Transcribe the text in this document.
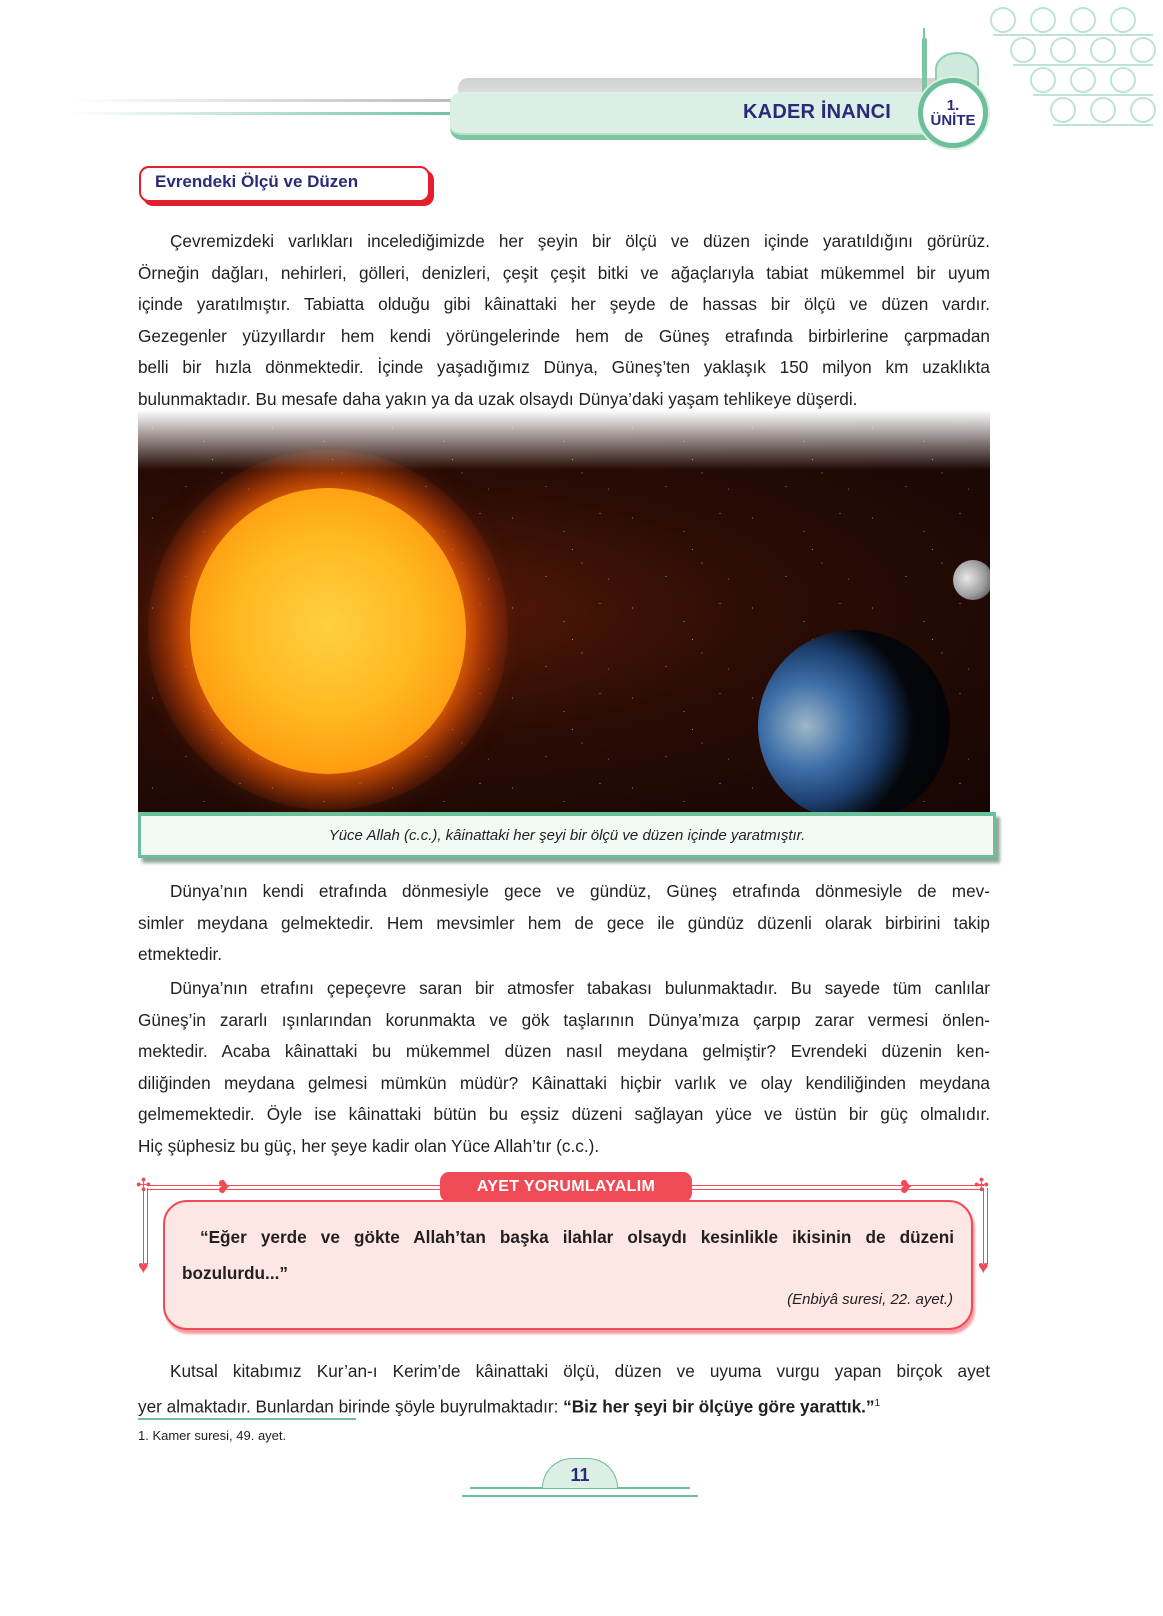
KADER İNANCI	1.
ÜNİTE
Evrendeki Ölçü ve Düzen
Çevremizdeki varlıkları incelediğimizde her şeyin bir ölçü ve düzen içinde yaratıldığını görürüz.
Örneğin dağları, nehirleri, gölleri, denizleri, çeşit çeşit bitki ve ağaçlarıyla tabiat mükemmel bir uyum
içinde yaratılmıştır. Tabiatta olduğu gibi kâinattaki her şeyde de hassas bir ölçü ve düzen vardır.
Gezegenler yüzyıllardır hem kendi yörüngelerinde hem de Güneş etrafında birbirlerine çarpmadan
belli bir hızla dönmektedir. İçinde yaşadığımız Dünya, Güneş’ten yaklaşık 150 milyon km uzaklıkta
bulunmaktadır. Bu mesafe daha yakın ya da uzak olsaydı Dünya’daki yaşam tehlikeye düşerdi.
Yüce Allah (c.c.), kâinattaki her şeyi bir ölçü ve düzen içinde yaratmıştır.
Dünya’nın kendi etrafında dönmesiyle gece ve gündüz, Güneş etrafında dönmesiyle de mev-
simler meydana gelmektedir. Hem mevsimler hem de gece ile gündüz düzenli olarak birbirini takip
etmektedir.
Dünya’nın etrafını çepeçevre saran bir atmosfer tabakası bulunmaktadır. Bu sayede tüm canlılar
Güneş’in zararlı ışınlarından korunmakta ve gök taşlarının Dünya’mıza çarpıp zarar vermesi önlen-
mektedir. Acaba kâinattaki bu mükemmel düzen nasıl meydana gelmiştir? Evrendeki düzenin ken-
diliğinden meydana gelmesi mümkün müdür? Kâinattaki hiçbir varlık ve olay kendiliğinden meydana
gelmemektedir. Öyle ise kâinattaki bütün bu eşsiz düzeni sağlayan yüce ve üstün bir güç olmalıdır.
Hiç şüphesiz bu güç, her şeye kadir olan Yüce Allah’tır (c.c.).
✣	✣
❥	❥
♥	♥
AYET YORUMLAYALIM
“Eğer yerde ve gökte Allah’tan başka ilahlar olsaydı kesinlikle ikisinin de düzeni
bozulurdu...”
(Enbiyâ suresi, 22. ayet.)
Kutsal kitabımız Kur’an-ı Kerim’de kâinattaki ölçü, düzen ve uyuma vurgu yapan birçok ayet
yer almaktadır. Bunlardan birinde şöyle buyrulmaktadır: “Biz her şeyi bir ölçüye göre yarattık.”$^1$
1. Kamer suresi, 49. ayet.
11
